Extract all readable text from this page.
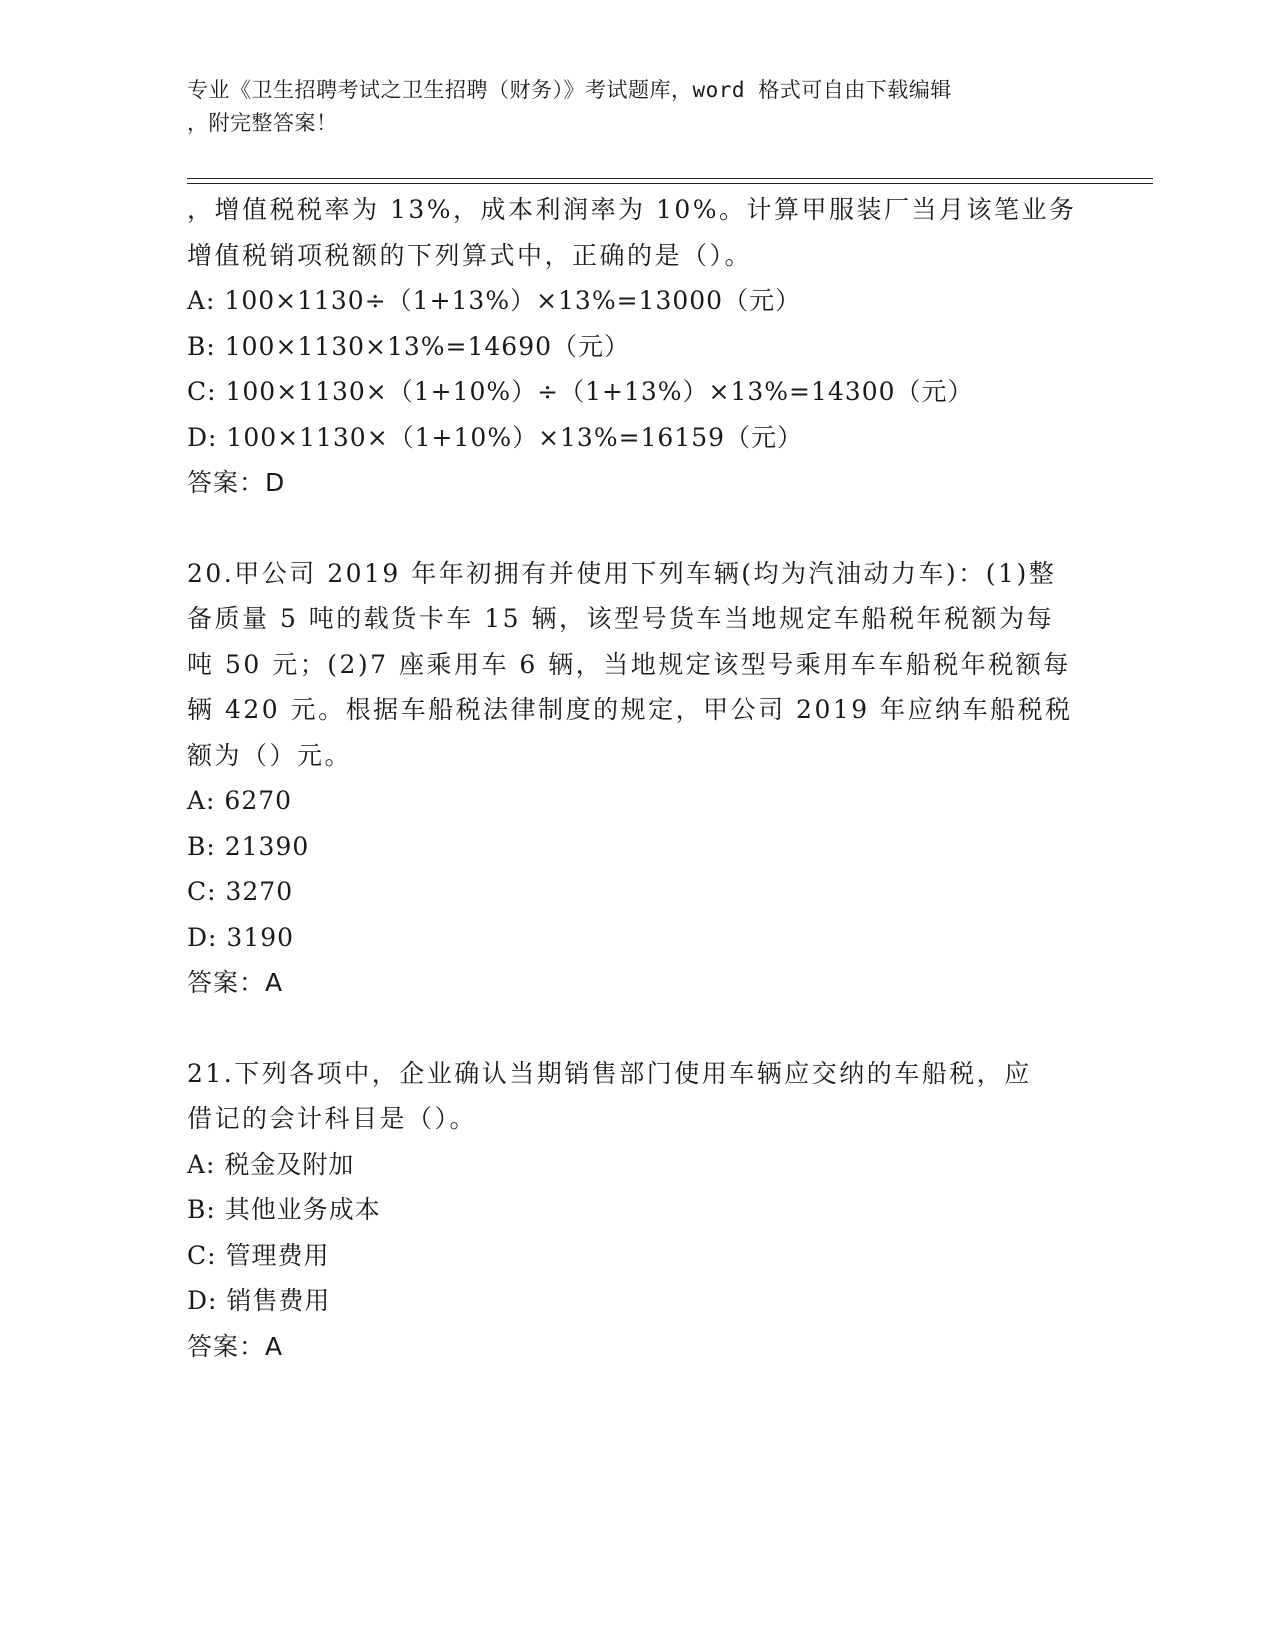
专业《卫生招聘考试之卫生招聘（财务）》考试题库，word 格式可自由下载编辑
，附完整答案！
，增值税税率为 13%，成本利润率为 10%。计算甲服装厂当月该笔业务
增值税销项税额的下列算式中，正确的是（）。
A: 100×1130÷（1+13%）×13%=13000（元）
B: 100×1130×13%=14690（元）
C: 100×1130×（1+10%）÷（1+13%）×13%=14300（元）
D: 100×1130×（1+10%）×13%=16159（元）
答案：D
20.甲公司 2019 年年初拥有并使用下列车辆(均为汽油动力车)：(1)整
备质量 5 吨的载货卡车 15 辆，该型号货车当地规定车船税年税额为每
吨 50 元；(2)7 座乘用车 6 辆，当地规定该型号乘用车车船税年税额每
辆 420 元。根据车船税法律制度的规定，甲公司 2019 年应纳车船税税
额为（）元。
A: 6270
B: 21390
C: 3270
D: 3190
答案：A
21.下列各项中，企业确认当期销售部门使用车辆应交纳的车船税，应
借记的会计科目是（）。
A: 税金及附加
B: 其他业务成本
C: 管理费用
D: 销售费用
答案：A
